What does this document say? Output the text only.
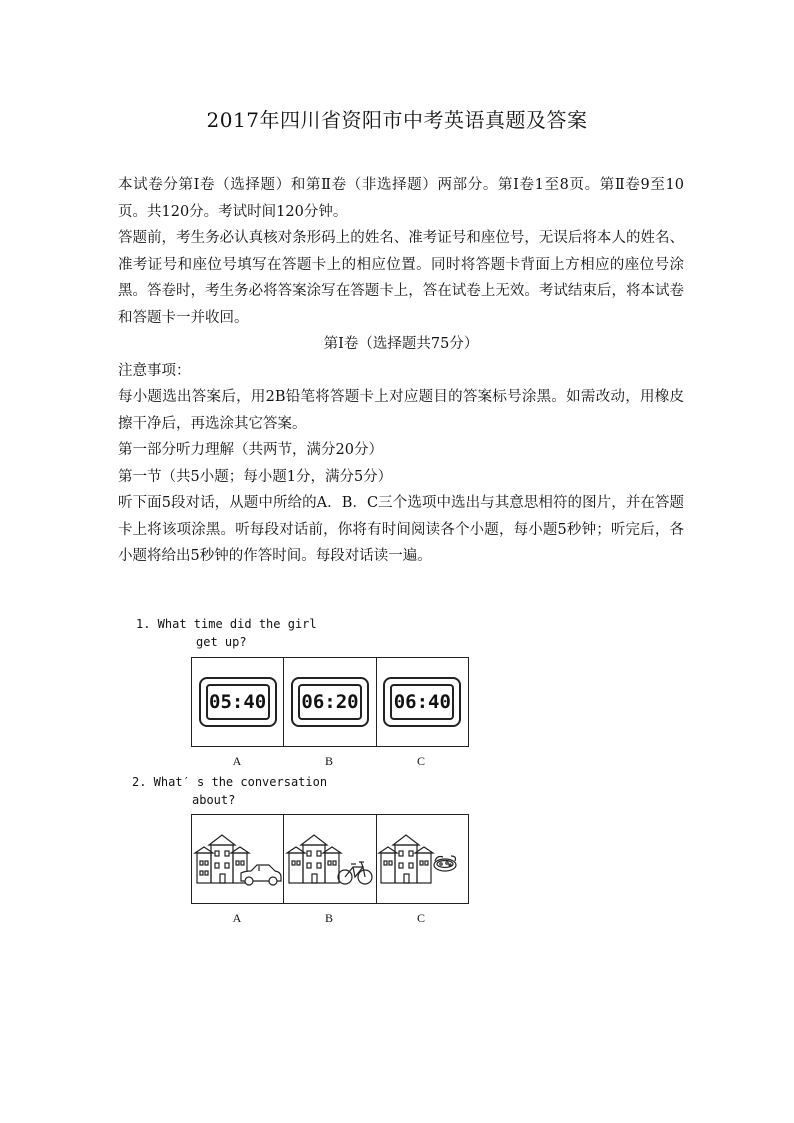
2017年四川省资阳市中考英语真题及答案

本试卷分第Ⅰ卷（选择题）和第Ⅱ卷（非选择题）两部分。第Ⅰ卷1至8页。第Ⅱ卷9至10页。共120分。考试时间120分钟。

答题前，考生务必认真核对条形码上的姓名、准考证号和座位号，无误后将本人的姓名、准考证号和座位号填写在答题卡上的相应位置。同时将答题卡背面上方相应的座位号涂黑。答卷时，考生务必将答案涂写在答题卡上，答在试卷上无效。考试结束后，将本试卷和答题卡一并收回。

第Ⅰ卷（选择题共75分）

注意事项：

每小题选出答案后，用2B铅笔将答题卡上对应题目的答案标号涂黑。如需改动，用橡皮擦干净后，再选涂其它答案。

第一部分听力理解（共两节，满分20分）

第一节（共5小题；每小题1分，满分5分）

听下面5段对话，从题中所给的A．B．C三个选项中选出与其意思相符的图片，并在答题卡上将该项涂黑。听每段对话前，你将有时间阅读各个小题，每小题5秒钟；听完后，各小题将给出5秒钟的作答时间。每段对话读一遍。

1. What time did the girl
get up?
05:40 06:20 06:40
A	B	C
2. What′ s the conversation
about?
A	B	C
